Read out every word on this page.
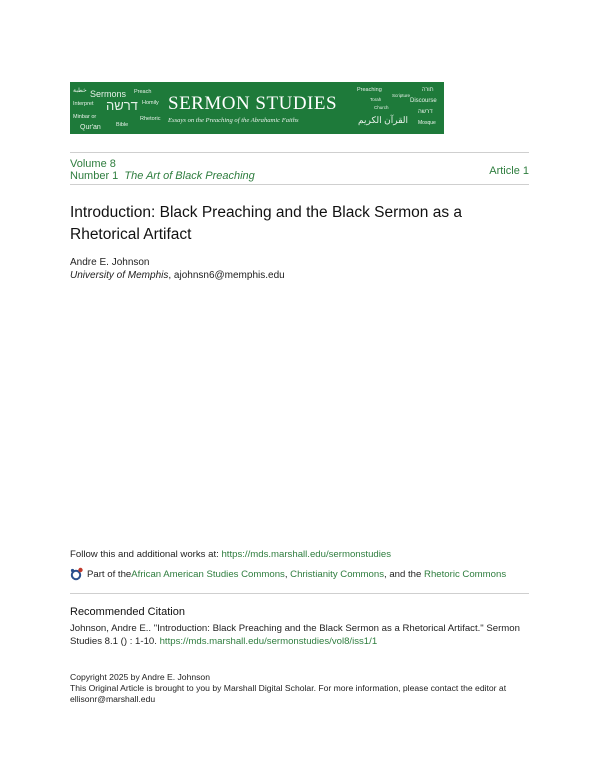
خطبة Sermons Preach
Interpret דרשה Homily
Minbar or	Rhetoric
Qur'an	Bible
SERMON STUDIES
Essays on the Preaching of the Abrahamic Faiths
Preaching
Torah
Scripture
תורה
Discourse
Church
דרשה
القرآن الكريم Mosque
Volume 8
Number 1 The Art of Black Preaching	Article 1
Introduction: Black Preaching and the Black Sermon as a Rhetorical Artifact
Andre E. Johnson
University of Memphis, ajohnsn6@memphis.edu
Follow this and additional works at: https://mds.marshall.edu/sermonstudies
Part of the African American Studies Commons , Christianity Commons , and the Rhetoric Commons
Recommended Citation
Johnson, Andre E.. "Introduction: Black Preaching and the Black Sermon as a Rhetorical Artifact." Sermon Studies 8.1 () : 1-10. https://mds.marshall.edu/sermonstudies/vol8/iss1/1
Copyright 2025 by Andre E. Johnson
This Original Article is brought to you by Marshall Digital Scholar. For more information, please contact the editor at ellisonr@marshall.edu
